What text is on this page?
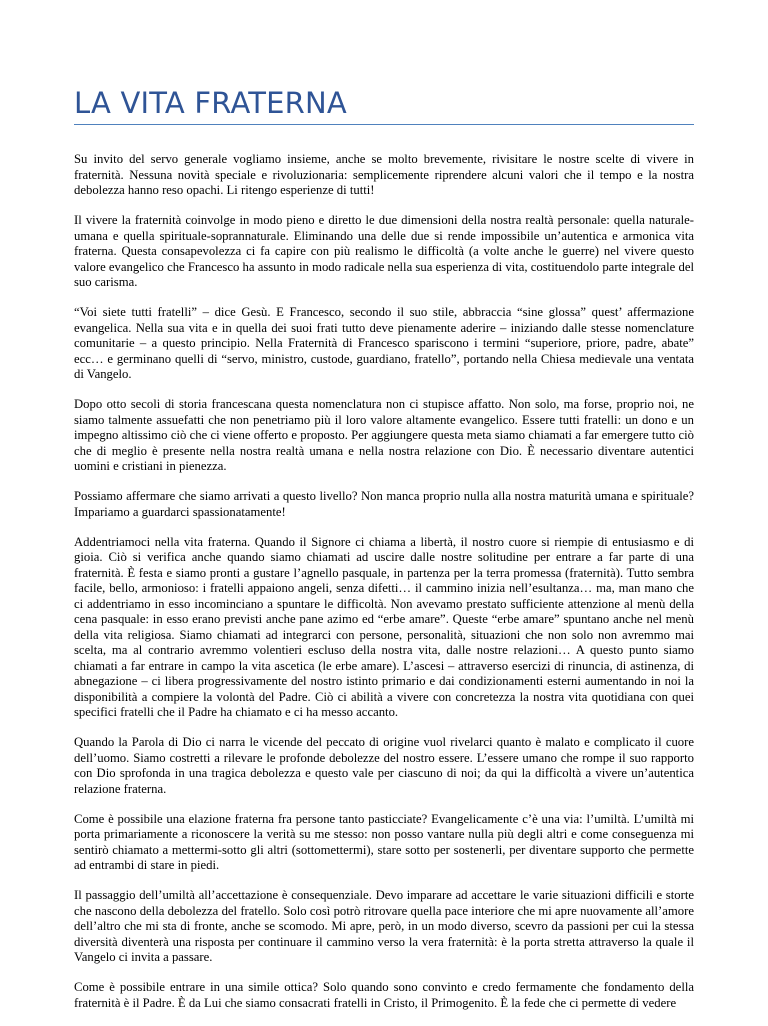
LA VITA FRATERNA

Su invito del servo generale vogliamo insieme, anche se molto brevemente, rivisitare le nostre scelte di vivere in fraternità. Nessuna novità speciale e rivoluzionaria: semplicemente riprendere alcuni valori che il tempo e la nostra debolezza hanno reso opachi. Li ritengo esperienze di tutti!

Il vivere la fraternità coinvolge in modo pieno e diretto le due dimensioni della nostra realtà personale: quella naturale-umana e quella spirituale-soprannaturale. Eliminando una delle due si rende impossibile un’autentica e armonica vita fraterna. Questa consapevolezza ci fa capire con più realismo le difficoltà (a volte anche le guerre) nel vivere questo valore evangelico che Francesco ha assunto in modo radicale nella sua esperienza di vita, costituendolo parte integrale del suo carisma.

“Voi siete tutti fratelli” – dice Gesù. E Francesco, secondo il suo stile, abbraccia “sine glossa” quest’ affermazione evangelica. Nella sua vita e in quella dei suoi frati tutto deve pienamente aderire – iniziando dalle stesse nomenclature comunitarie – a questo principio. Nella Fraternità di Francesco spariscono i termini “superiore, priore, padre, abate” ecc… e germinano quelli di “servo, ministro, custode, guardiano, fratello”, portando nella Chiesa medievale una ventata di Vangelo.

Dopo otto secoli di storia francescana questa nomenclatura non ci stupisce affatto. Non solo, ma forse, proprio noi, ne siamo talmente assuefatti che non penetriamo più il loro valore altamente evangelico. Essere tutti fratelli: un dono e un impegno altissimo ciò che ci viene offerto e proposto. Per aggiungere questa meta siamo chiamati a far emergere tutto ciò che di meglio è presente nella nostra realtà umana e nella nostra relazione con Dio. È necessario diventare autentici uomini e cristiani in pienezza.

Possiamo affermare che siamo arrivati a questo livello? Non manca proprio nulla alla nostra maturità umana e spirituale? Impariamo a guardarci spassionatamente!

Addentriamoci nella vita fraterna. Quando il Signore ci chiama a libertà, il nostro cuore si riempie di entusiasmo e di gioia. Ciò si verifica anche quando siamo chiamati ad uscire dalle nostre solitudine per entrare a far parte di una fraternità. È festa e siamo pronti a gustare l’agnello pasquale, in partenza per la terra promessa (fraternità). Tutto sembra facile, bello, armonioso: i fratelli appaiono angeli, senza difetti… il cammino inizia nell’esultanza… ma, man mano che ci addentriamo in esso incominciano a spuntare le difficoltà. Non avevamo prestato sufficiente attenzione al menù della cena pasquale: in esso erano previsti anche pane azimo ed “erbe amare”. Queste “erbe amare” spuntano anche nel menù della vita religiosa. Siamo chiamati ad integrarci con persone, personalità, situazioni che non solo non avremmo mai scelta, ma al contrario avremmo volentieri escluso della nostra vita, dalle nostre relazioni… A questo punto siamo chiamati a far entrare in campo la vita ascetica (le erbe amare). L’ascesi – attraverso esercizi di rinuncia, di astinenza, di abnegazione – ci libera progressivamente del nostro istinto primario e dai condizionamenti esterni aumentando in noi la disponibilità a compiere la volontà del Padre. Ciò ci abilità a vivere con concretezza la nostra vita quotidiana con quei specifici fratelli che il Padre ha chiamato e ci ha messo accanto.

Quando la Parola di Dio ci narra le vicende del peccato di origine vuol rivelarci quanto è malato e complicato il cuore dell’uomo. Siamo costretti a rilevare le profonde debolezze del nostro essere. L’essere umano che rompe il suo rapporto con Dio sprofonda in una tragica debolezza e questo vale per ciascuno di noi; da qui la difficoltà a vivere un’autentica relazione fraterna.

Come è possibile una elazione fraterna fra persone tanto pasticciate? Evangelicamente c’è una via: l’umiltà. L’umiltà mi porta primariamente a riconoscere la verità su me stesso: non posso vantare nulla più degli altri e come conseguenza mi sentirò chiamato a mettermi-sotto gli altri (sottomettermi), stare sotto per sostenerli, per diventare supporto che permette ad entrambi di stare in piedi.

Il passaggio dell’umiltà all’accettazione è consequenziale. Devo imparare ad accettare le varie situazioni difficili e storte che nascono della debolezza del fratello. Solo così potrò ritrovare quella pace interiore che mi apre nuovamente all’amore dell’altro che mi sta di fronte, anche se scomodo. Mi apre, però, in un modo diverso, scevro da passioni per cui la stessa diversità diventerà una risposta per continuare il cammino verso la vera fraternità: è la porta stretta attraverso la quale il Vangelo ci invita a passare.

Come è possibile entrare in una simile ottica? Solo quando sono convinto e credo fermamente che fondamento della fraternità è il Padre. È da Lui che siamo consacrati fratelli in Cristo, il Primogenito. È la fede che ci permette di vedere
